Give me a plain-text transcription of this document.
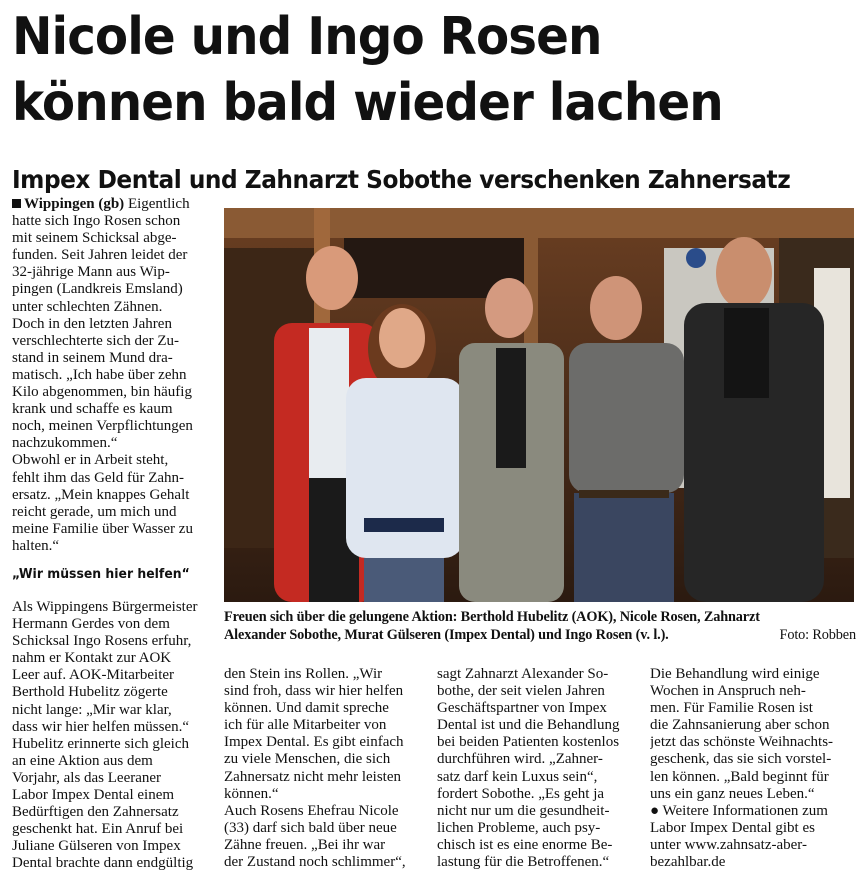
Nicole und Ingo Rosen
können bald wieder lachen
Impex Dental und Zahnarzt Sobothe verschenken Zahnersatz
Wippingen (gb) Eigentlich
hatte sich Ingo Rosen schon
mit seinem Schicksal abge-
funden. Seit Jahren leidet der
32-jährige Mann aus Wip-
pingen (Landkreis Emsland)
unter schlechten Zähnen.
Doch in den letzten Jahren
verschlechterte sich der Zu-
stand in seinem Mund dra-
matisch. „Ich habe über zehn
Kilo abgenommen, bin häufig
krank und schaffe es kaum
noch, meinen Verpflichtungen
nachzukommen.“
Obwohl er in Arbeit steht,
fehlt ihm das Geld für Zahn-
ersatz. „Mein knappes Gehalt
reicht gerade, um mich und
meine Familie über Wasser zu
halten.“
„Wir müssen hier helfen“
Als Wippingens Bürgermeister
Hermann Gerdes von dem
Schicksal Ingo Rosens erfuhr,
nahm er Kontakt zur AOK
Leer auf. AOK-Mitarbeiter
Berthold Hubelitz zögerte
nicht lange: „Mir war klar,
dass wir hier helfen müssen.“
Hubelitz erinnerte sich gleich
an eine Aktion aus dem
Vorjahr, als das Leeraner
Labor Impex Dental einem
Bedürftigen den Zahnersatz
geschenkt hat. Ein Anruf bei
Juliane Gülseren von Impex
Dental brachte dann endgültig
Freuen sich über die gelungene Aktion: Berthold Hubelitz (AOK), Nicole Rosen, Zahnarzt
Alexander Sobothe, Murat Gülseren (Impex Dental) und Ingo Rosen (v. l.).	Foto: Robben
den Stein ins Rollen. „Wir
sind froh, dass wir hier helfen
können. Und damit spreche
ich für alle Mitarbeiter von
Impex Dental. Es gibt einfach
zu viele Menschen, die sich
Zahnersatz nicht mehr leisten
können.“
Auch Rosens Ehefrau Nicole
(33) darf sich bald über neue
Zähne freuen. „Bei ihr war
der Zustand noch schlimmer“,
sagt Zahnarzt Alexander So-
bothe, der seit vielen Jahren
Geschäftspartner von Impex
Dental ist und die Behandlung
bei beiden Patienten kostenlos
durchführen wird. „Zahner-
satz darf kein Luxus sein“,
fordert Sobothe. „Es geht ja
nicht nur um die gesundheit-
lichen Probleme, auch psy-
chisch ist es eine enorme Be-
lastung für die Betroffenen.“
Die Behandlung wird einige
Wochen in Anspruch neh-
men. Für Familie Rosen ist
die Zahnsanierung aber schon
jetzt das schönste Weihnachts-
geschenk, das sie sich vorstel-
len können. „Bald beginnt für
uns ein ganz neues Leben.“
● Weitere Informationen zum
Labor Impex Dental gibt es
unter www.zahnsatz-aber-
bezahlbar.de
